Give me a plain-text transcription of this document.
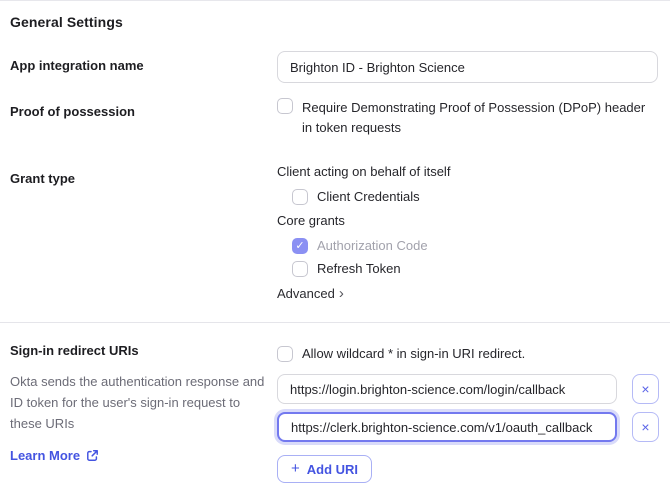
General Settings
App integration name
Brighton ID - Brighton Science
Proof of possession	Require Demonstrating Proof of Possession (DPoP) header in token requests
Grant type	Client acting on behalf of itself
Client Credentials
Core grants
✓ Authorization Code
Refresh Token
Advanced ›
Sign-in redirect URIs
Okta sends the authentication response and ID token for the user's sign-in request to these URIs
Learn More
Allow wildcard * in sign-in URI redirect.
https://login.brighton-science.com/login/callback
×
https://clerk.brighton-science.com/v1/oauth_callback
×
+ Add URI
